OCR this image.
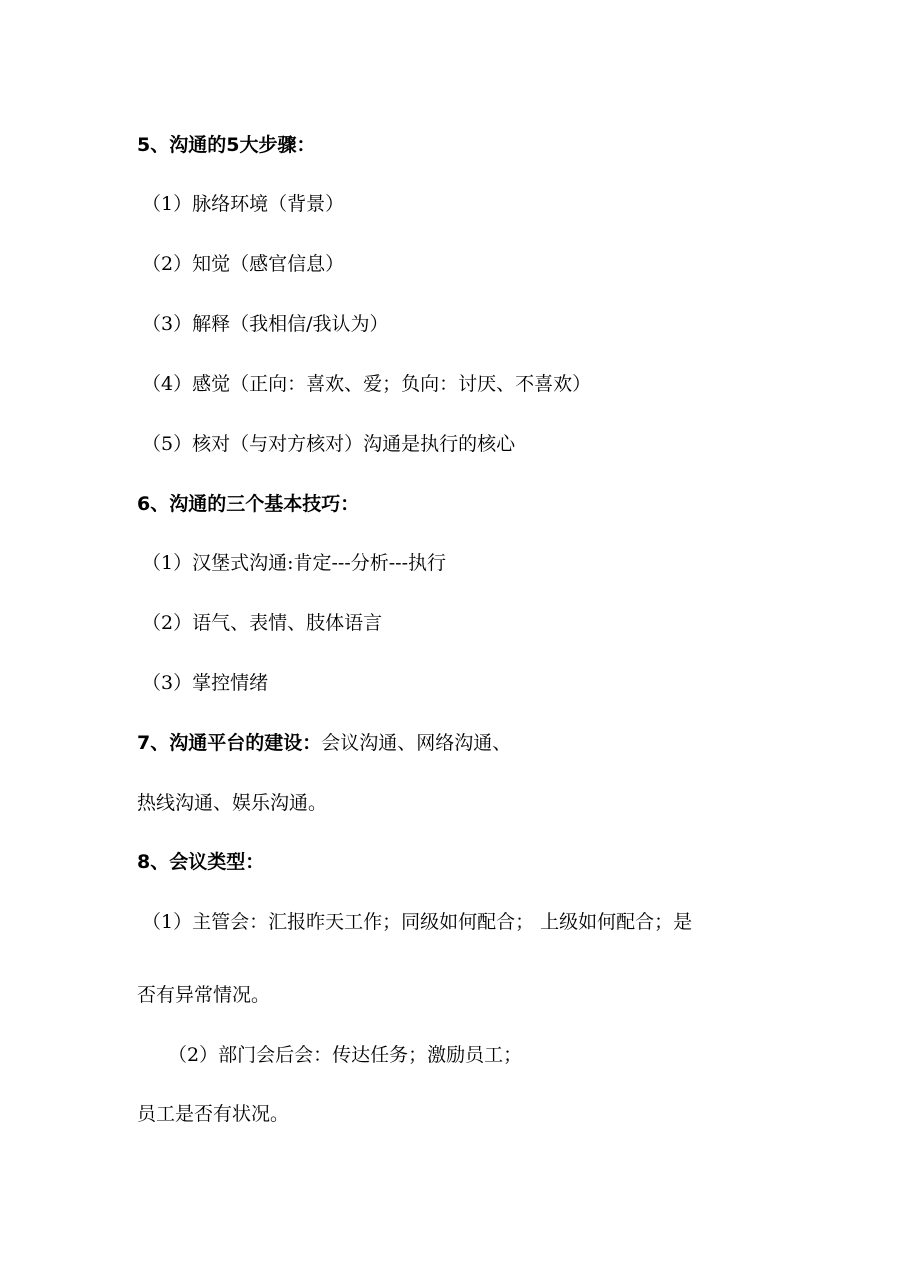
5、沟通的5大步骤：
（1）脉络环境（背景）
（2）知觉（感官信息）
（3）解释（我相信/我认为）
（4）感觉（正向：喜欢、爱；负向：讨厌、不喜欢）
（5）核对（与对方核对）沟通是执行的核心
6、沟通的三个基本技巧：
（1）汉堡式沟通:肯定---分析---执行
（2）语气、表情、肢体语言
（3）掌控情绪
7、沟通平台的建设：会议沟通、网络沟通、
热线沟通、娱乐沟通。
8、会议类型：
（1）主管会：汇报昨天工作；同级如何配合； 上级如何配合；是
否有异常情况。
（2）部门会后会：传达任务；激励员工；
员工是否有状况。
